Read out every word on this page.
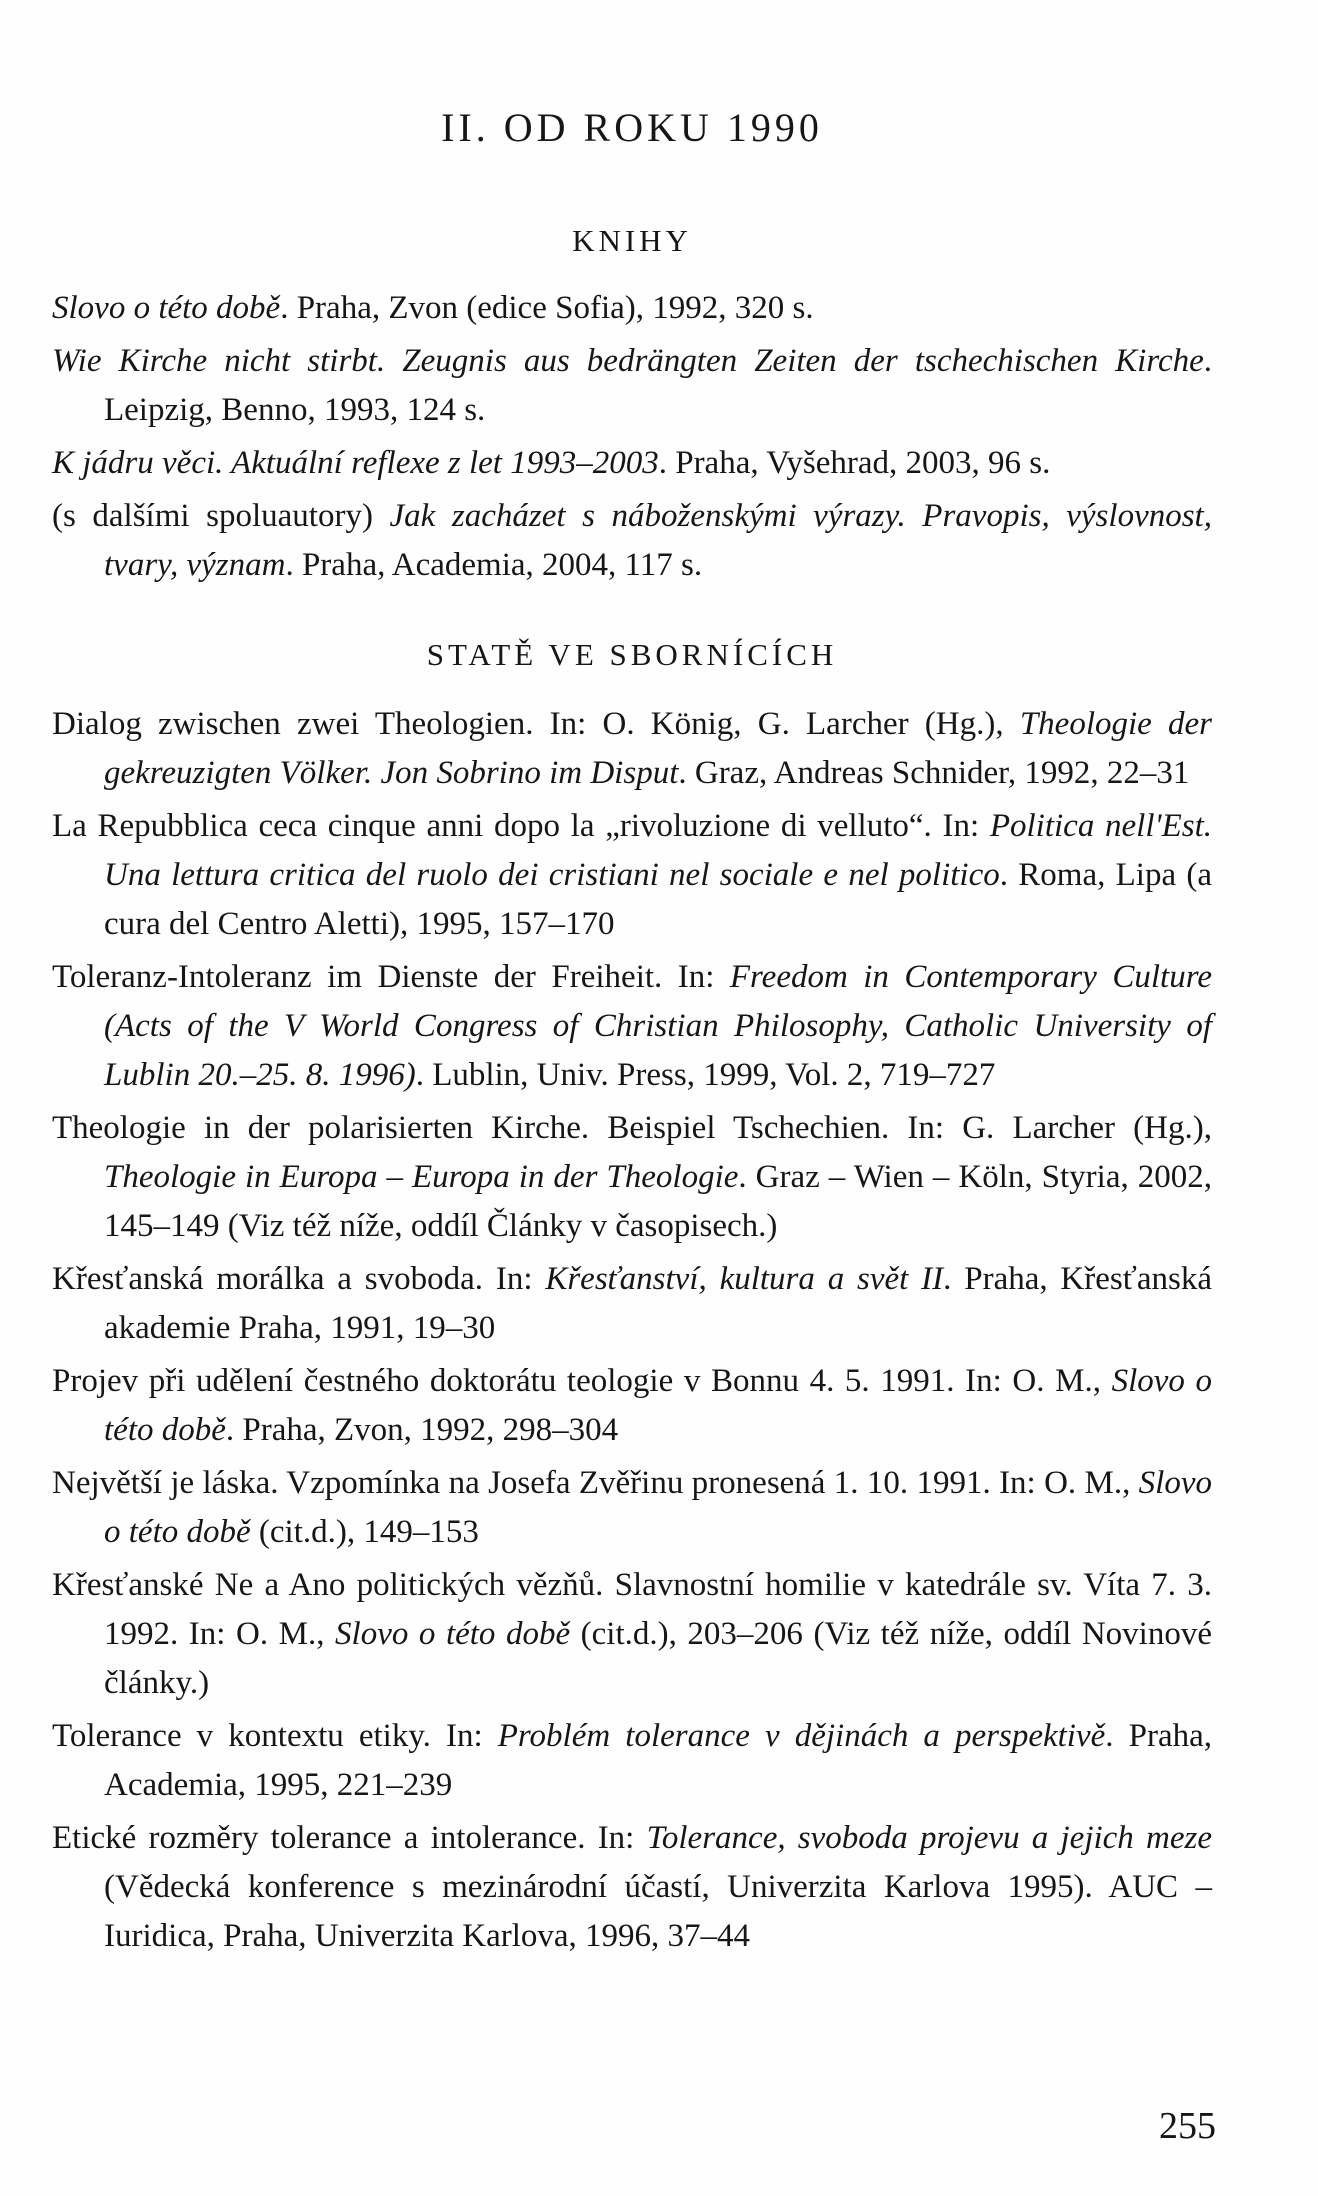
II. OD ROKU 1990
KNIHY

Slovo o této době. Praha, Zvon (edice Sofia), 1992, 320 s.

Wie Kirche nicht stirbt. Zeugnis aus bedrängten Zeiten der tschechischen Kirche. Leipzig, Benno, 1993, 124 s.

K jádru věci. Aktuální reflexe z let 1993–2003. Praha, Vyšehrad, 2003, 96 s.

(s dalšími spoluautory) Jak zacházet s náboženskými výrazy. Pravopis, výslovnost, tvary, význam. Praha, Academia, 2004, 117 s.

STATĚ VE SBORNÍCÍCH

Dialog zwischen zwei Theologien. In: O. König, G. Larcher (Hg.), Theologie der gekreuzigten Völker. Jon Sobrino im Disput. Graz, Andreas Schnider, 1992, 22–31

La Repubblica ceca cinque anni dopo la „rivoluzione di velluto“. In: Politica nell'Est. Una lettura critica del ruolo dei cristiani nel sociale e nel politico. Roma, Lipa (a cura del Centro Aletti), 1995, 157–170

Toleranz-Intoleranz im Dienste der Freiheit. In: Freedom in Contemporary Culture (Acts of the V World Congress of Christian Philosophy, Catholic University of Lublin 20.–25. 8. 1996). Lublin, Univ. Press, 1999, Vol. 2, 719–727

Theologie in der polarisierten Kirche. Beispiel Tschechien. In: G. Larcher (Hg.), Theologie in Europa – Europa in der Theologie. Graz – Wien – Köln, Styria, 2002, 145–149 (Viz též níže, oddíl Články v časopisech.)

Křesťanská morálka a svoboda. In: Křesťanství, kultura a svět II. Praha, Křesťanská akademie Praha, 1991, 19–30

Projev při udělení čestného doktorátu teologie v Bonnu 4. 5. 1991. In: O. M., Slovo o této době. Praha, Zvon, 1992, 298–304

Největší je láska. Vzpomínka na Josefa Zvěřinu pronesená 1. 10. 1991. In: O. M., Slovo o této době (cit.d.), 149–153

Křesťanské Ne a Ano politických vězňů. Slavnostní homilie v katedrále sv. Víta 7. 3. 1992. In: O. M., Slovo o této době (cit.d.), 203–206 (Viz též níže, oddíl Novinové články.)

Tolerance v kontextu etiky. In: Problém tolerance v dějinách a perspektivě. Praha, Academia, 1995, 221–239

Etické rozměry tolerance a intolerance. In: Tolerance, svoboda projevu a jejich meze (Vědecká konference s mezinárodní účastí, Univerzita Karlova 1995). AUC – Iuridica, Praha, Univerzita Karlova, 1996, 37–44

255
